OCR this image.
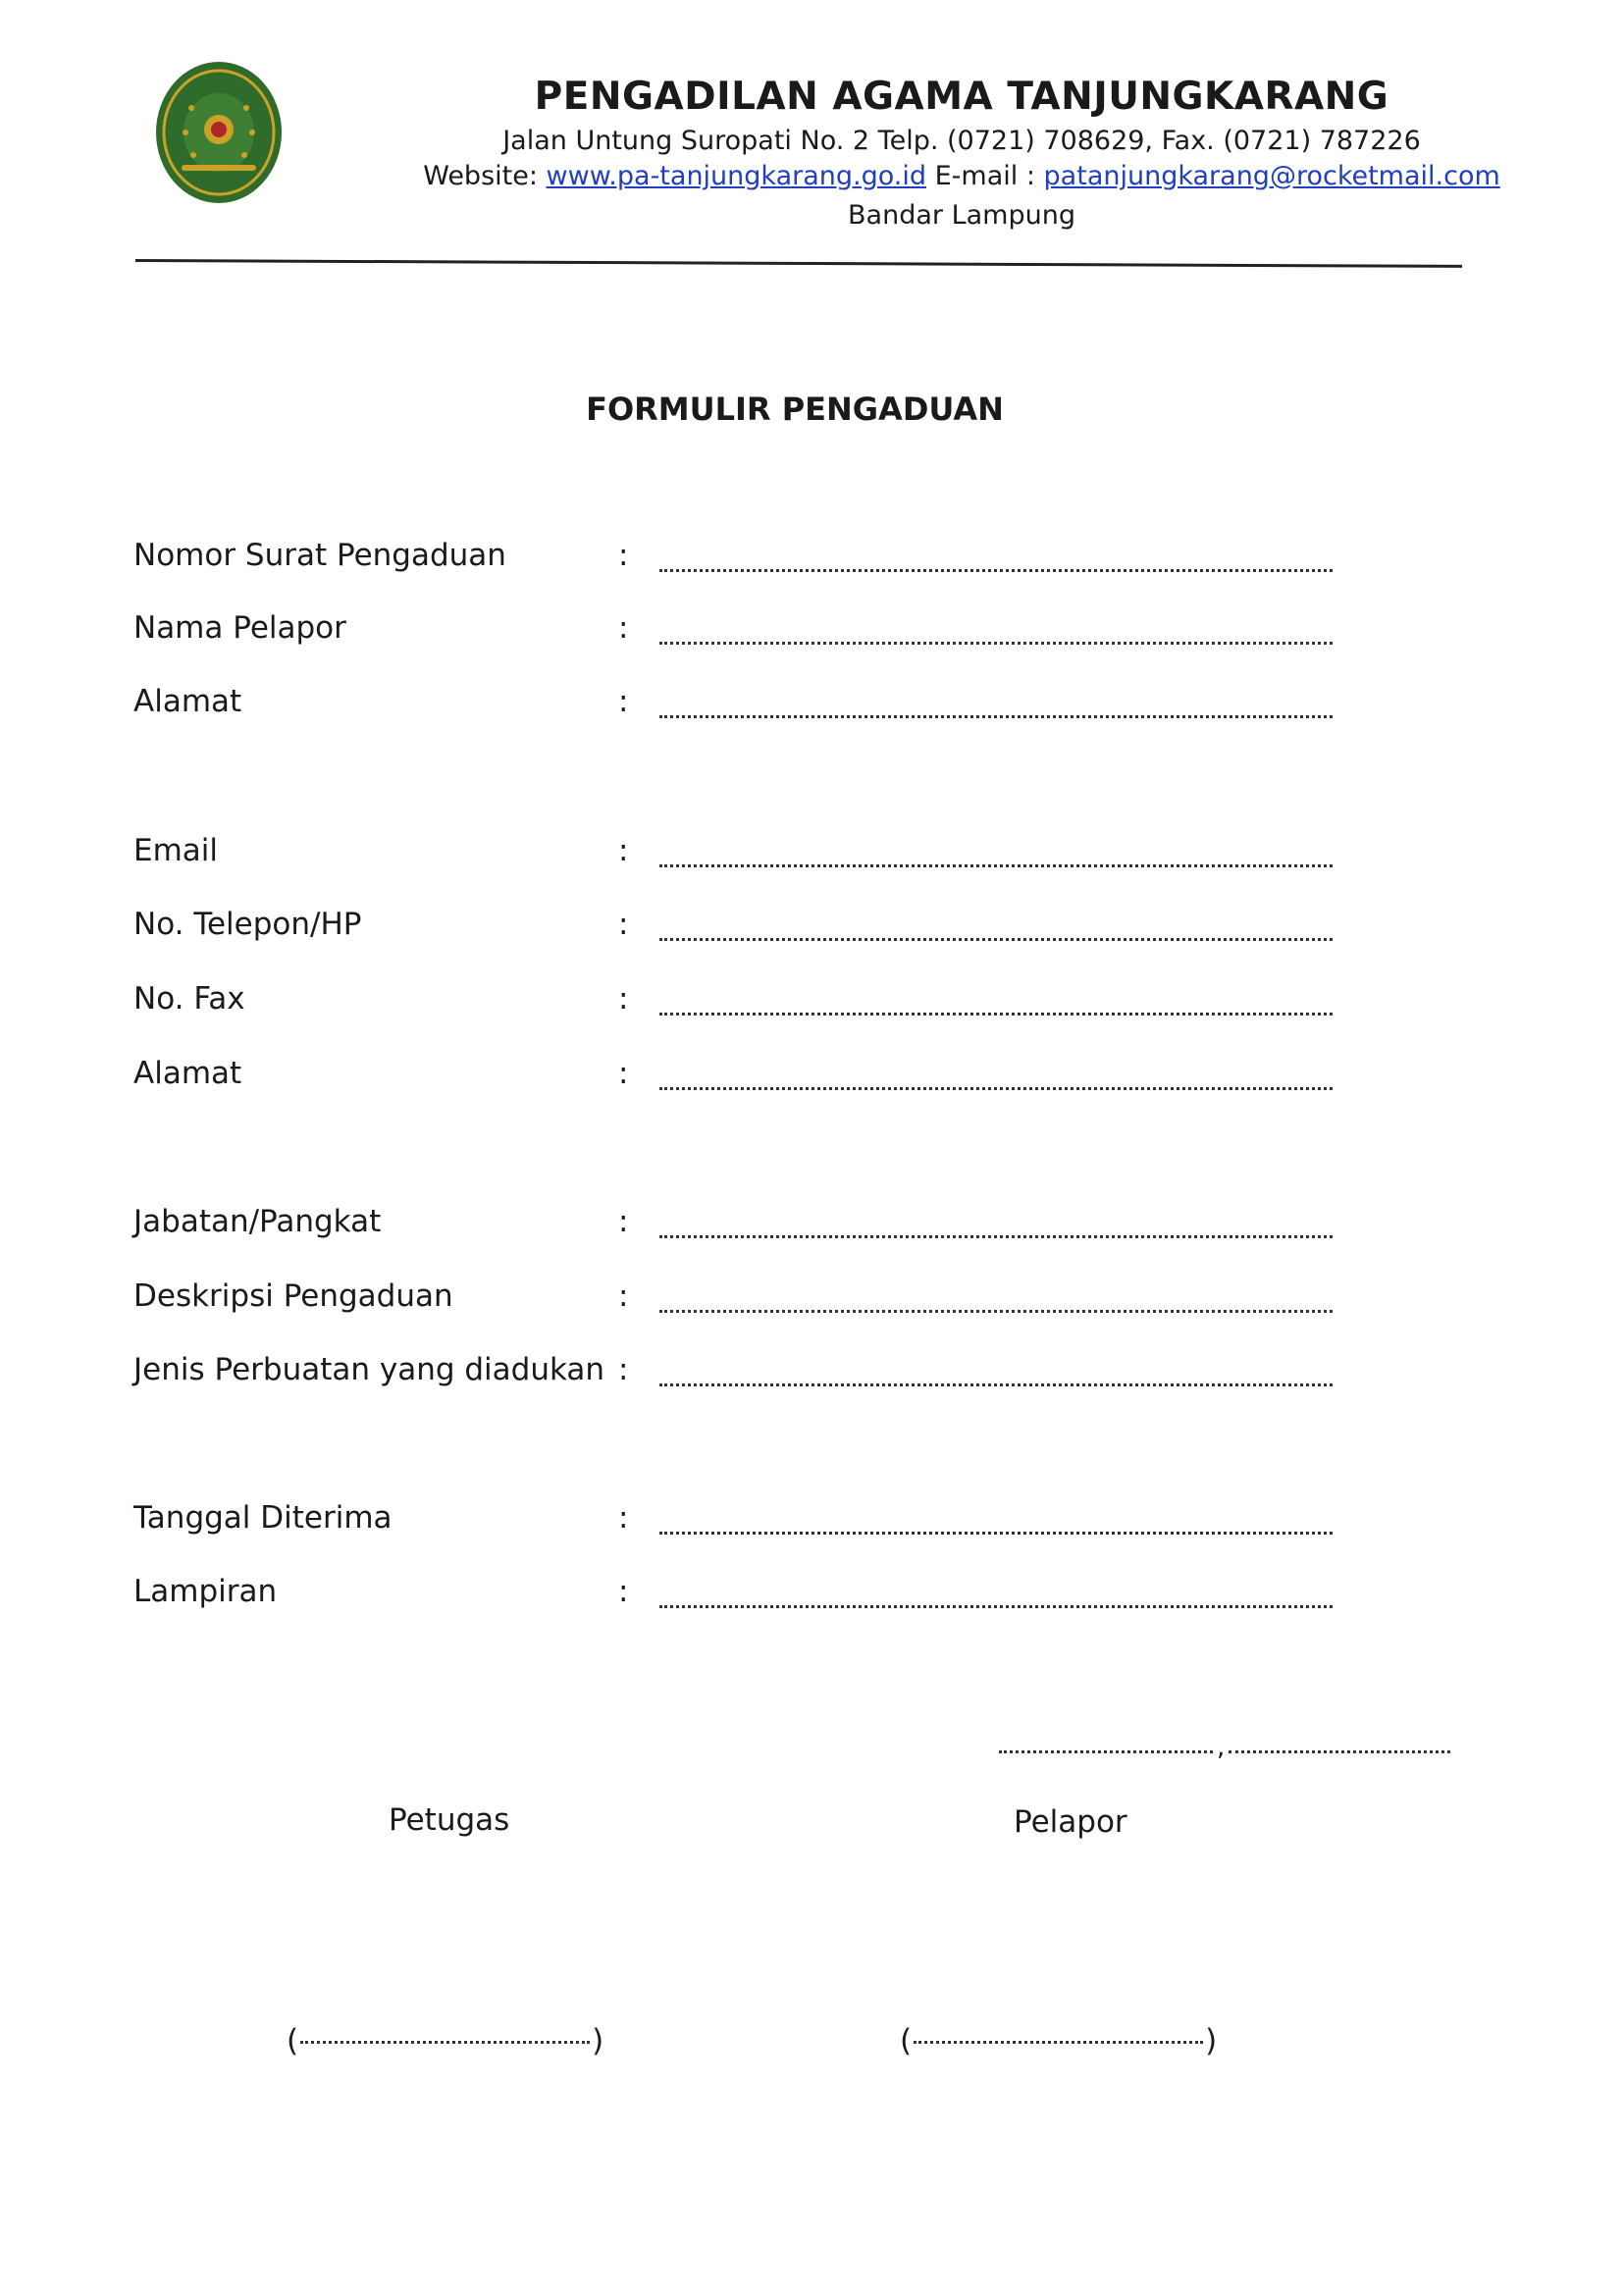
PENGADILAN AGAMA TANJUNGKARANG
Jalan Untung Suropati No. 2 Telp. (0721) 708629, Fax. (0721) 787226
Website: www.pa-tanjungkarang.go.id E-mail : patanjungkarang@rocketmail.com
Bandar Lampung
FORMULIR PENGADUAN
Nomor Surat Pengaduan	:
Nama Pelapor	:
Alamat	:
Email	:
No. Telepon/HP	:
No. Fax	:
Alamat	:
Jabatan/Pangkat	:
Deskripsi Pengaduan	:
Jenis Perbuatan yang diadukan :
Tanggal Diterima	:
Lampiran	:
,
Petugas	Pelapor
(	)	(	)
